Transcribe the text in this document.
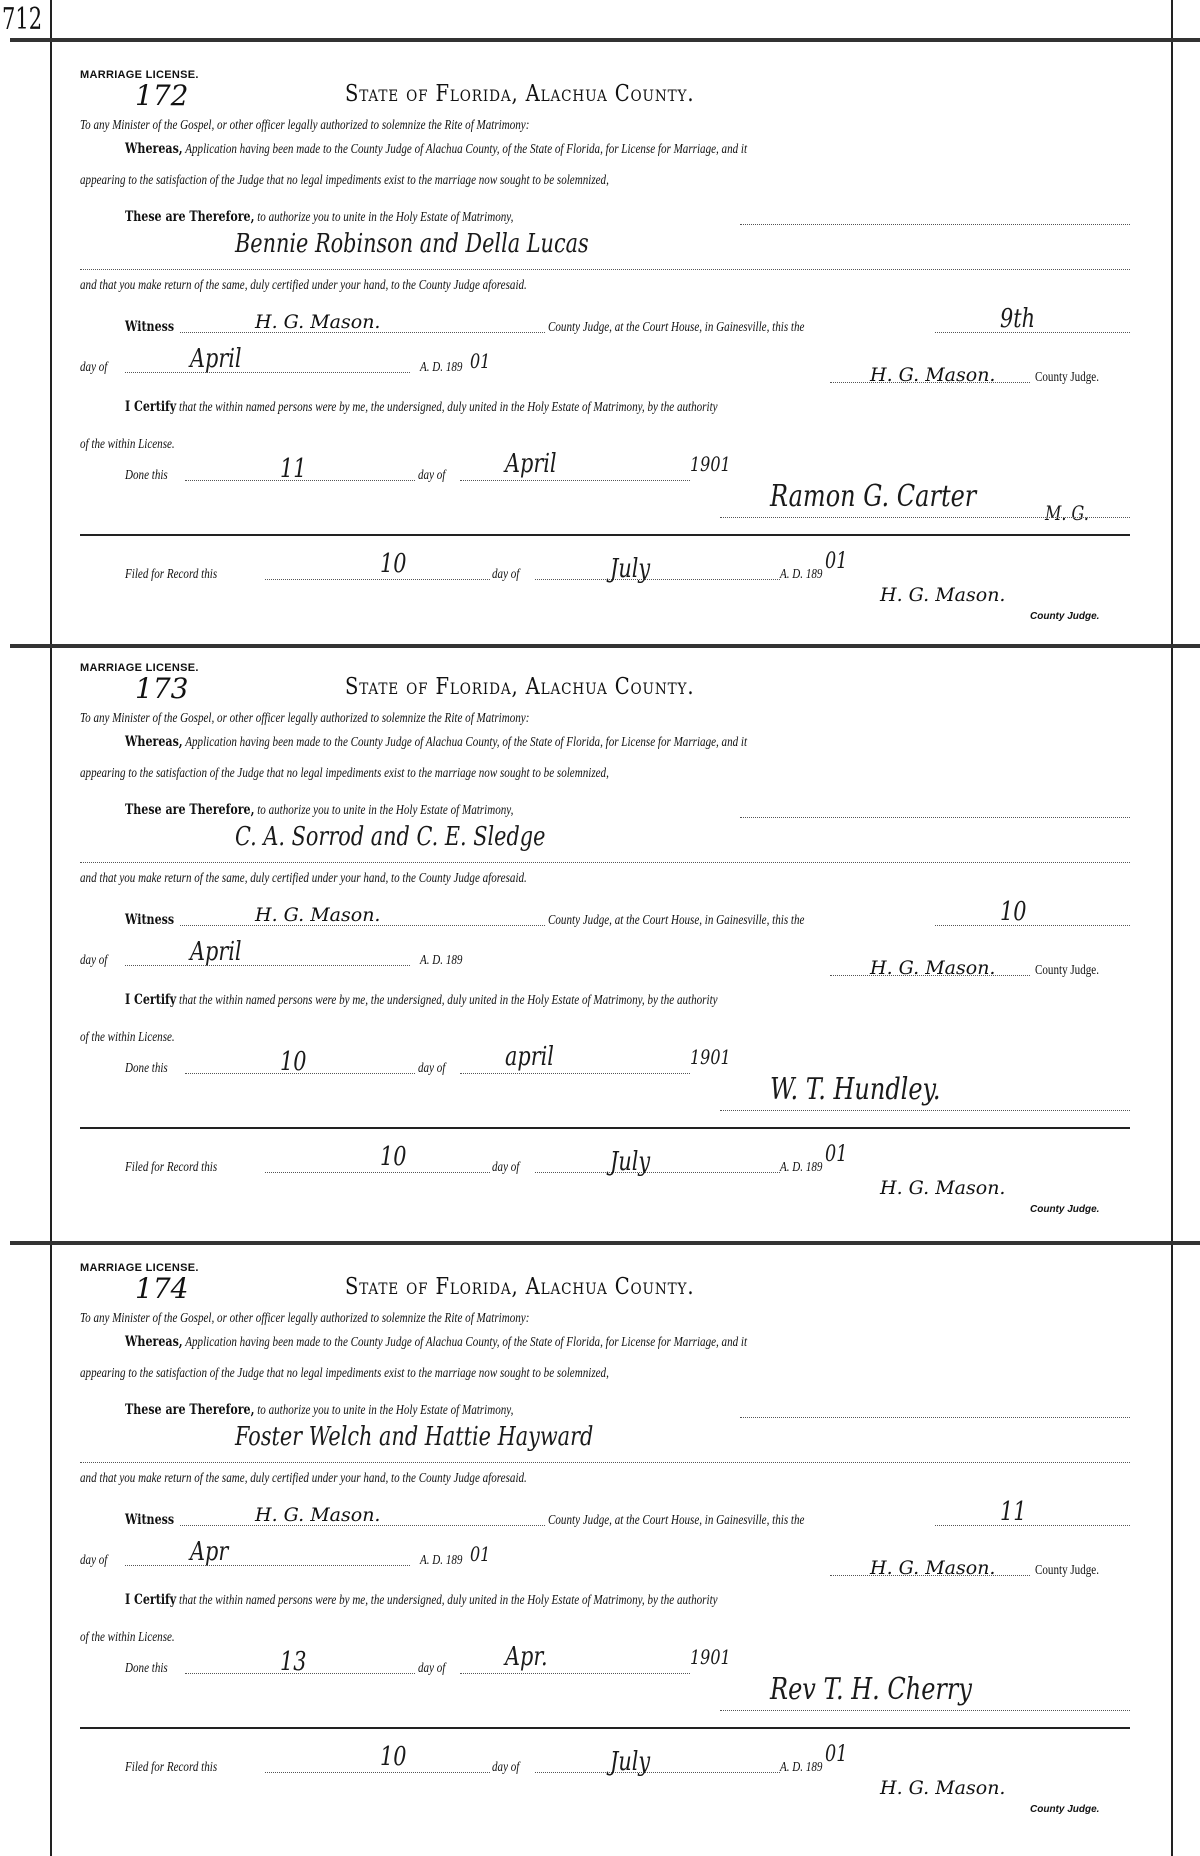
712
MARRIAGE LICENSE.
172	State of Florida, Alachua County.
To any Minister of the Gospel, or other officer legally authorized to solemnize the Rite of Matrimony:
Whereas, Application having been made to the County Judge of Alachua County, of the State of Florida, for License for Marriage, and it
appearing to the satisfaction of the Judge that no legal impediments exist to the marriage now sought to be solemnized,
These are Therefore, to authorize you to unite in the Holy Estate of Matrimony,
Bennie Robinson and Della Lucas
and that you make return of the same, duly certified under your hand, to the County Judge aforesaid.
Witness	H. G. Mason.	County Judge, at the Court House, in Gainesville, this the	9th
day of	April	A. D. 189 01
H. G. Mason.	County Judge.
I Certify that the within named persons were by me, the undersigned, duly united in the Holy Estate of Matrimony, by the authority
of the within License.
Done this	11	day of April	1901
Ramon G. Carter	M. G.
Filed for Record this	10	day of	July	A. D. 189 01
H. G. Mason.
County Judge.
MARRIAGE LICENSE.
173	State of Florida, Alachua County.
To any Minister of the Gospel, or other officer legally authorized to solemnize the Rite of Matrimony:
Whereas, Application having been made to the County Judge of Alachua County, of the State of Florida, for License for Marriage, and it
appearing to the satisfaction of the Judge that no legal impediments exist to the marriage now sought to be solemnized,
These are Therefore, to authorize you to unite in the Holy Estate of Matrimony,
C. A. Sorrod and C. E. Sledge
and that you make return of the same, duly certified under your hand, to the County Judge aforesaid.
Witness	H. G. Mason.	County Judge, at the Court House, in Gainesville, this the	10
day of	April	A. D. 189	H. G. Mason.	County Judge.
I Certify that the within named persons were by me, the undersigned, duly united in the Holy Estate of Matrimony, by the authority
of the within License.
Done this	10	day of april	1901
W. T. Hundley.
Filed for Record this	10	day of	July	A. D. 189 01
H. G. Mason.
County Judge.
MARRIAGE LICENSE.
174	State of Florida, Alachua County.
To any Minister of the Gospel, or other officer legally authorized to solemnize the Rite of Matrimony:
Whereas, Application having been made to the County Judge of Alachua County, of the State of Florida, for License for Marriage, and it
appearing to the satisfaction of the Judge that no legal impediments exist to the marriage now sought to be solemnized,
These are Therefore, to authorize you to unite in the Holy Estate of Matrimony,
Foster Welch and Hattie Hayward
and that you make return of the same, duly certified under your hand, to the County Judge aforesaid.
Witness	H. G. Mason.	County Judge, at the Court House, in Gainesville, this the	11
day of	Apr	A. D. 189 01
H. G. Mason.	County Judge.
I Certify that the within named persons were by me, the undersigned, duly united in the Holy Estate of Matrimony, by the authority
of the within License.
Done this	13	day of Apr.	1901
Rev T. H. Cherry
Filed for Record this	10	day of	July	A. D. 189 01
H. G. Mason.
County Judge.
